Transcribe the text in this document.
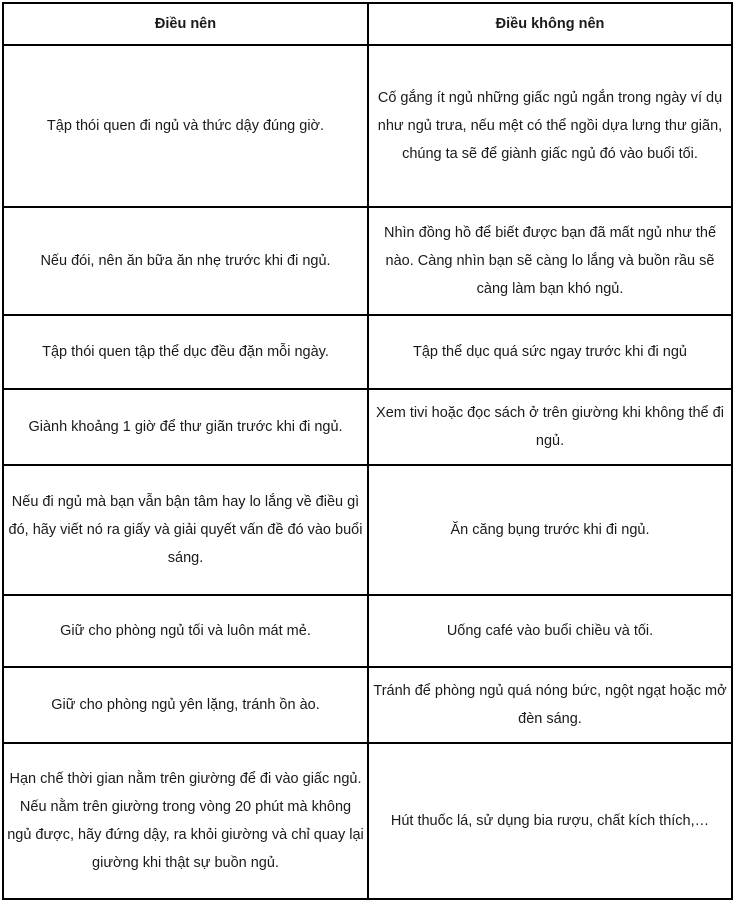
Điều nên	Điều không nên
Tập thói quen đi ngủ và thức dậy đúng giờ.	Cố gắng ít ngủ những giấc ngủ ngắn trong ngày ví dụ như ngủ trưa, nếu mệt có thể ngồi dựa lưng thư giãn, chúng ta sẽ để giành giấc ngủ đó vào buổi tối.
Nếu đói, nên ăn bữa ăn nhẹ trước khi đi ngủ.	Nhìn đồng hồ để biết được bạn đã mất ngủ như thế nào. Càng nhìn bạn sẽ càng lo lắng và buồn rầu sẽ càng làm bạn khó ngủ.
Tập thói quen tập thể dục đều đặn mỗi ngày.	Tập thể dục quá sức ngay trước khi đi ngủ
Giành khoảng 1 giờ để thư giãn trước khi đi ngủ.	Xem tivi hoặc đọc sách ở trên giường khi không thể đi ngủ.
Nếu đi ngủ mà bạn vẫn bận tâm hay lo lắng về điều gì đó, hãy viết nó ra giấy và giải quyết vấn đề đó vào buổi sáng.	Ăn căng bụng trước khi đi ngủ.
Giữ cho phòng ngủ tối và luôn mát mẻ.	Uống café vào buổi chiều và tối.
Giữ cho phòng ngủ yên lặng, tránh ồn ào.	Tránh để phòng ngủ quá nóng bức, ngột ngạt hoặc mở đèn sáng.
Hạn chế thời gian nằm trên giường để đi vào giấc ngủ. Nếu nằm trên giường trong vòng 20 phút mà không ngủ được, hãy đứng dậy, ra khỏi giường và chỉ quay lại giường khi thật sự buồn ngủ.	Hút thuốc lá, sử dụng bia rượu, chất kích thích,…
